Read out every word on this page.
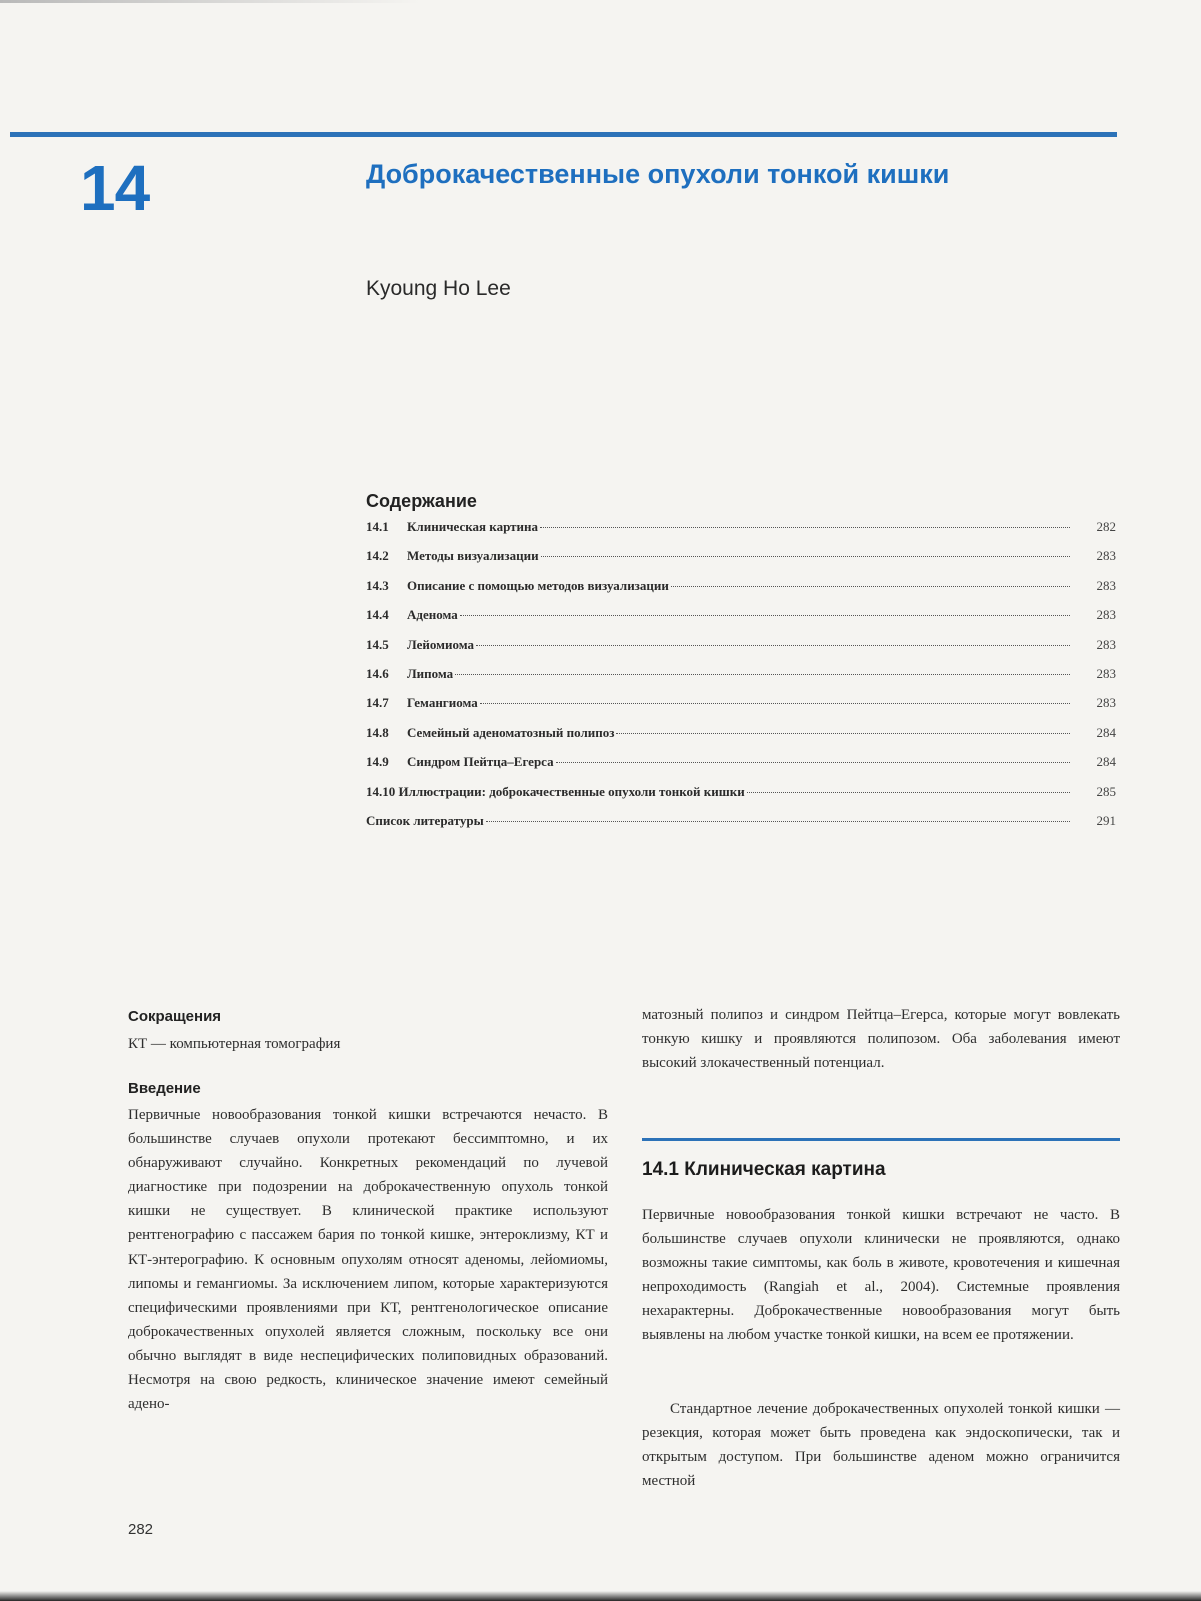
14	Доброкачественные опухоли тонкой кишки
Kyoung Ho Lee
Содержание
14.1	Клиническая картина	282
14.2	Методы визуализации	283
14.3	Описание с помощью методов визуализации	283
14.4	Аденома	283
14.5	Лейомиома	283
14.6	Липома	283
14.7	Гемангиома	283
14.8	Семейный аденоматозный полипоз	284
14.9	Синдром Пейтца–Егерса	284
14.10 Иллюстрации: доброкачественные опухоли тонкой кишки	285
Список литературы	291
Сокращения

КТ — компьютерная томография

Введение

Первичные новообразования тонкой кишки встречаются нечасто. В большинстве случаев опухоли протекают бессимптомно, и их обнаруживают случайно. Конкретных рекомендаций по лучевой диагностике при подозрении на доброкачественную опухоль тонкой кишки не существует. В клинической практике используют рентгенографию с пассажем бария по тонкой кишке, энтероклизму, КТ и КТ-энтерографию. К основным опухолям относят аденомы, лейомиомы, липомы и гемангиомы. За исключением липом, которые характеризуются специфическими проявлениями при КТ, рентгенологическое описание доброкачественных опухолей является сложным, поскольку все они обычно выглядят в виде неспецифических полиповидных образований. Несмотря на свою редкость, клиническое значение имеют семейный адено-

матозный полипоз и синдром Пейтца–Егерса, которые могут вовлекать тонкую кишку и проявляются полипозом. Оба заболевания имеют высокий злокачественный потенциал.

14.1 Клиническая картина

Первичные новообразования тонкой кишки встречают не часто. В большинстве случаев опухоли клинически не проявляются, однако возможны такие симптомы, как боль в животе, кровотечения и кишечная непроходимость (Rangiah et al., 2004). Системные проявления нехарактерны. Доброкачественные новообразования могут быть выявлены на любом участке тонкой кишки, на всем ее протяжении.

Стандартное лечение доброкачественных опухолей тонкой кишки — резекция, которая может быть проведена как эндоскопически, так и открытым доступом. При большинстве аденом можно ограничится местной

282
